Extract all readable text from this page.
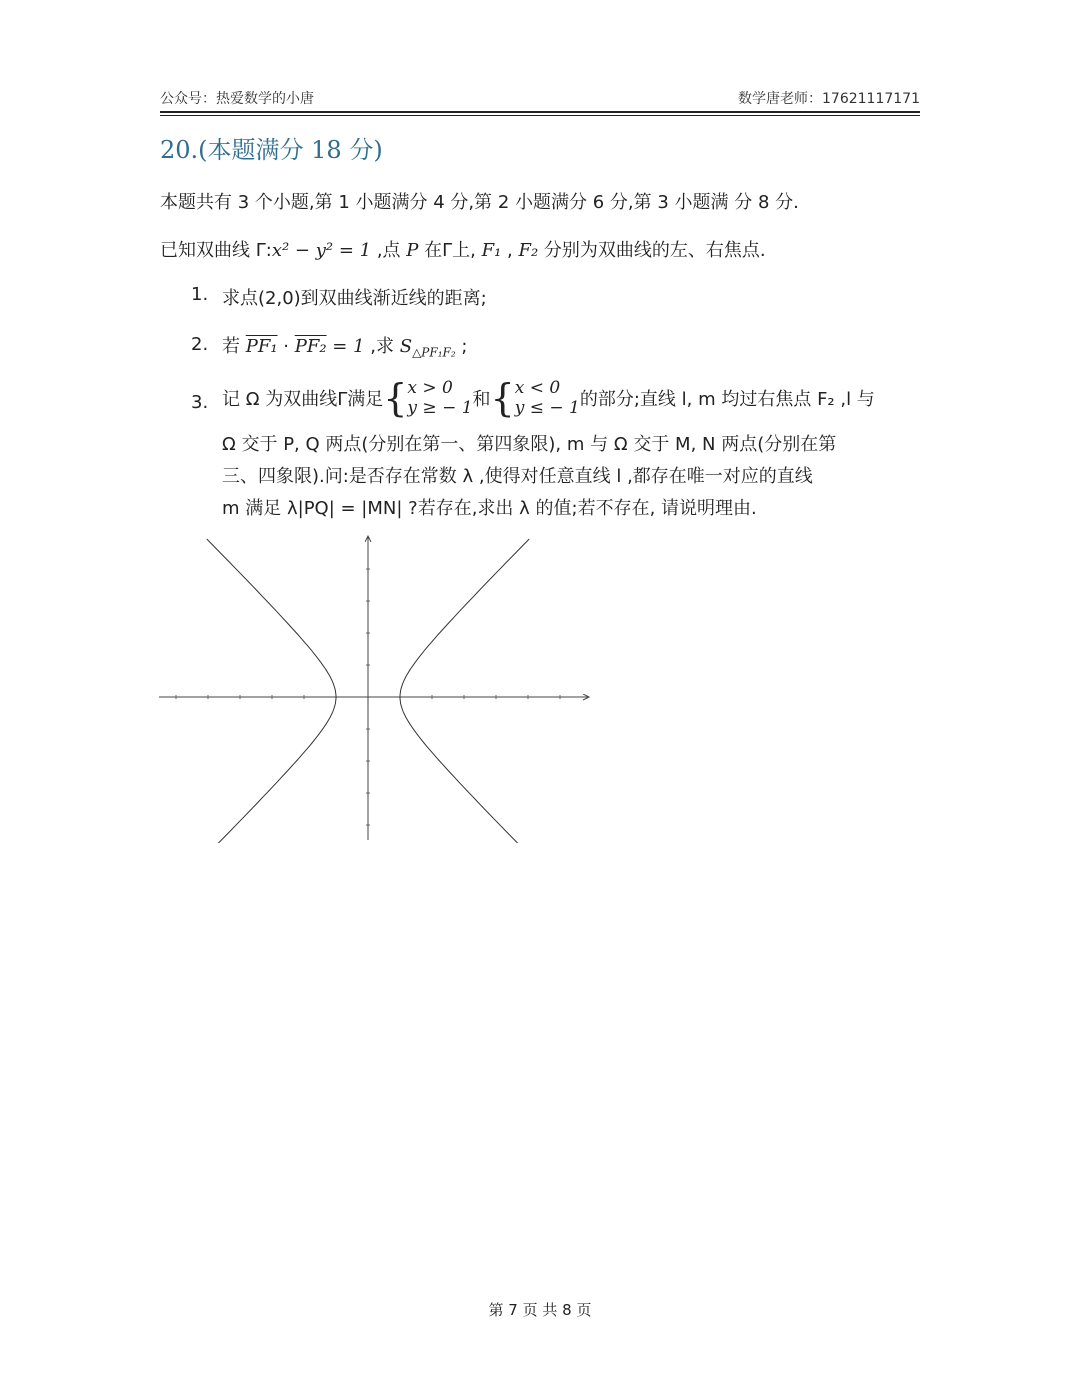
公众号：热爱数学的小唐	数学唐老师：17621117171
20.(本题满分 18 分)
本题共有 3 个小题,第 1 小题满分 4 分,第 2 小题满分 6 分,第 3 小题满 分 8 分.
已知双曲线 Γ:x² − y² = 1 ,点 P 在Γ上, F₁ , F₂ 分别为双曲线的左、右焦点.
1. 求点(2,0)到双曲线渐近线的距离;
2. 若 PF₁ · PF₂ = 1 ,求 $S_{\triangle PF_1F_2}$ ;
3. 记 Ω 为双曲线Γ满足{x > 0
y ≥ − 1和{x < 0
y ≤ − 1的部分;直线 l, m 均过右焦点 F₂ ,l 与
Ω 交于 P, Q 两点(分别在第一、第四象限), m 与 Ω 交于 M, N 两点(分别在第
三、四象限).问:是否存在常数 λ ,使得对任意直线 l ,都存在唯一对应的直线
m 满足 λ|PQ| = |MN| ?若存在,求出 λ 的值;若不存在, 请说明理由.
第 7 页 共 8 页
